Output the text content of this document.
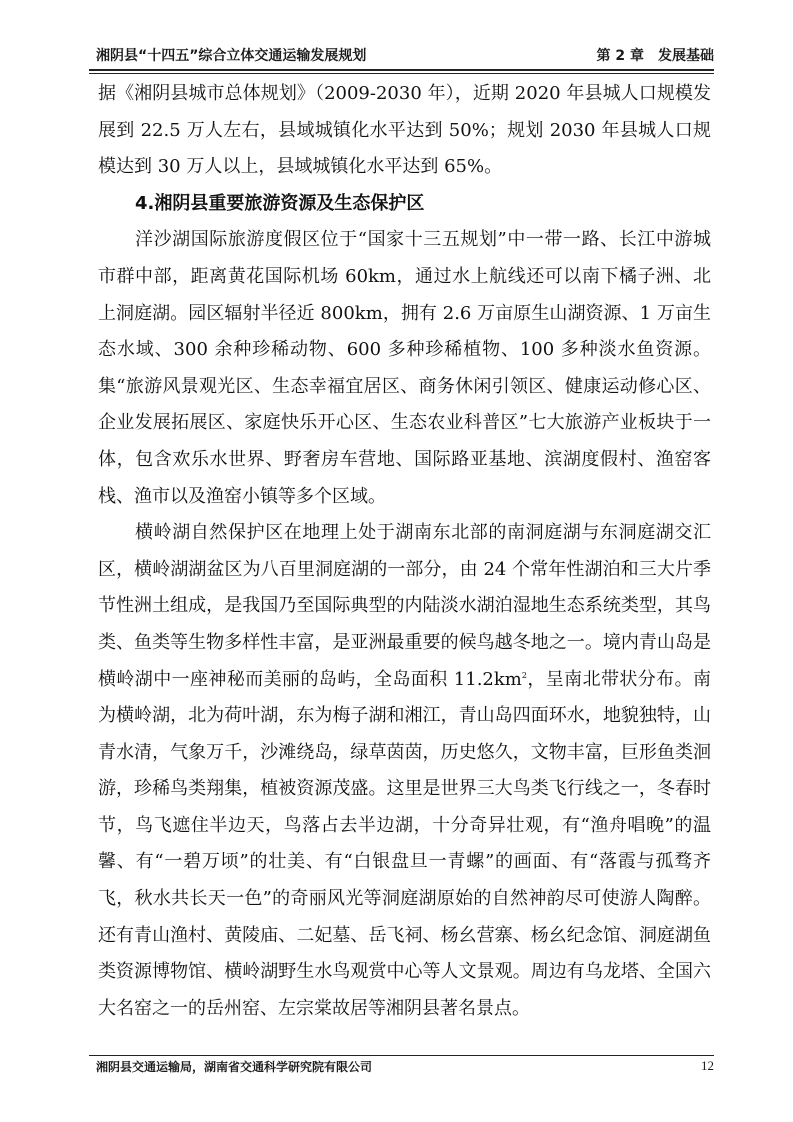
湘阴县“十四五”综合立体交通运输发展规划	第 2 章　发展基础

据《湘阴县城市总体规划》（2009-2030 年），近期 2020 年县城人口规模发展到 22.5 万人左右，县域城镇化水平达到 50%；规划 2030 年县城人口规模达到 30 万人以上，县域城镇化水平达到 65%。

4.湘阴县重要旅游资源及生态保护区

洋沙湖国际旅游度假区位于“国家十三五规划”中一带一路、长江中游城市群中部，距离黄花国际机场 60km，通过水上航线还可以南下橘子洲、北上洞庭湖。园区辐射半径近 800km，拥有 2.6 万亩原生山湖资源、1 万亩生态水域、300 余种珍稀动物、600 多种珍稀植物、100 多种淡水鱼资源。集“旅游风景观光区、生态幸福宜居区、商务休闲引领区、健康运动修心区、企业发展拓展区、家庭快乐开心区、生态农业科普区”七大旅游产业板块于一体，包含欢乐水世界、野奢房车营地、国际路亚基地、滨湖度假村、渔窑客栈、渔市以及渔窑小镇等多个区域。

横岭湖自然保护区在地理上处于湖南东北部的南洞庭湖与东洞庭湖交汇区，横岭湖湖盆区为八百里洞庭湖的一部分，由 24 个常年性湖泊和三大片季节性洲土组成，是我国乃至国际典型的内陆淡水湖泊湿地生态系统类型，其鸟类、鱼类等生物多样性丰富，是亚洲最重要的候鸟越冬地之一。境内青山岛是横岭湖中一座神秘而美丽的岛屿，全岛面积 $11.2km^2$，呈南北带状分布。南为横岭湖，北为荷叶湖，东为梅子湖和湘江，青山岛四面环水，地貌独特，山青水清，气象万千，沙滩绕岛，绿草茵茵，历史悠久，文物丰富，巨形鱼类洄游，珍稀鸟类翔集，植被资源茂盛。这里是世界三大鸟类飞行线之一，冬春时节，鸟飞遮住半边天，鸟落占去半边湖，十分奇异壮观，有“渔舟唱晚”的温馨、有“一碧万顷”的壮美、有“白银盘旦一青螺”的画面、有“落霞与孤骛齐飞，秋水共长天一色”的奇丽风光等洞庭湖原始的自然神韵尽可使游人陶醉。还有青山渔村、黄陵庙、二妃墓、岳飞祠、杨幺营寨、杨幺纪念馆、洞庭湖鱼类资源博物馆、横岭湖野生水鸟观赏中心等人文景观。周边有乌龙塔、全国六大名窑之一的岳州窑、左宗棠故居等湘阴县著名景点。

湘阴县交通运输局，湖南省交通科学研究院有限公司	12
